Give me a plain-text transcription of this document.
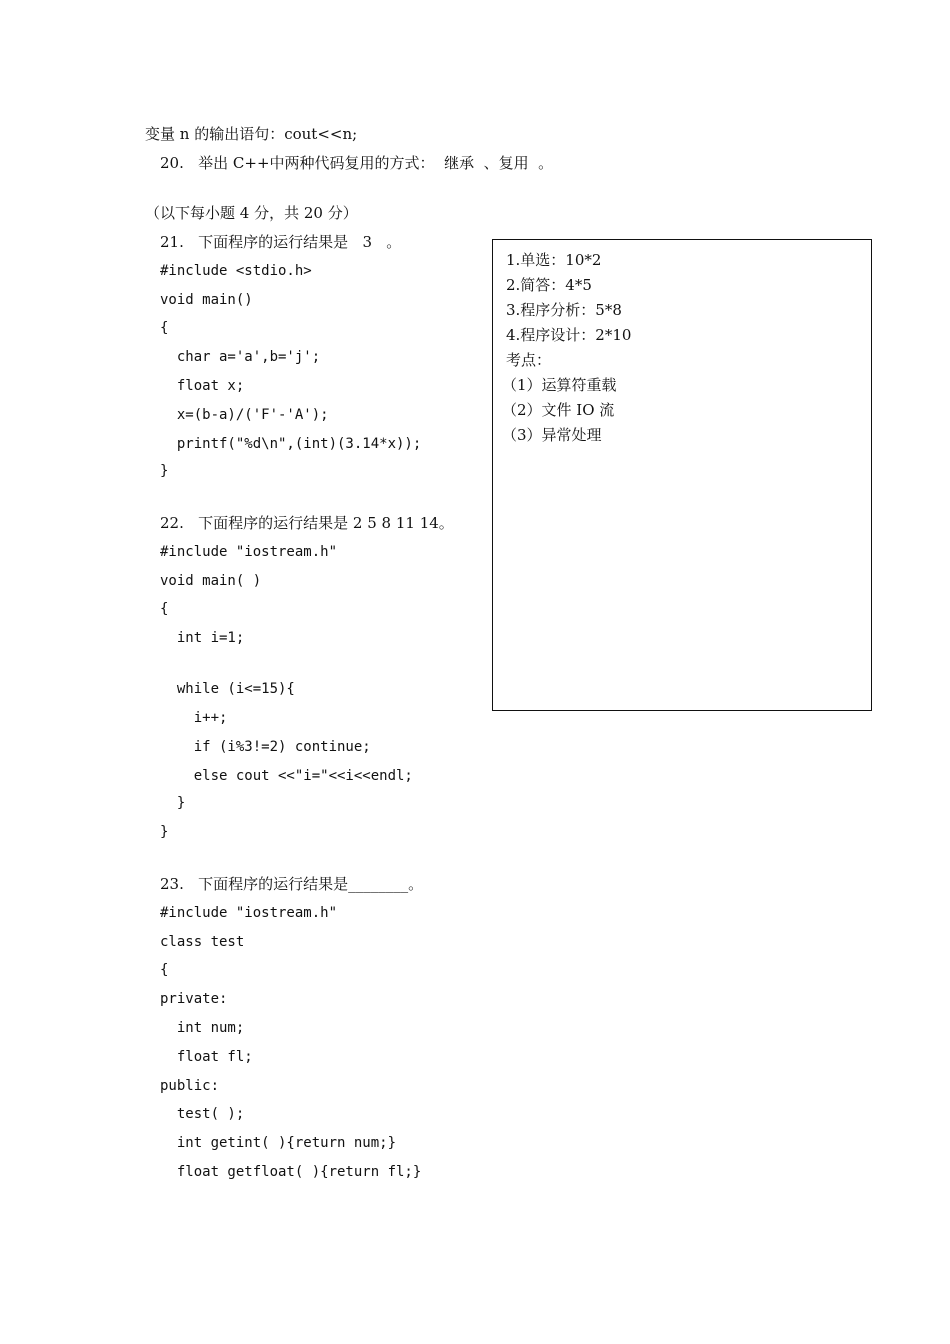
变量 n 的输出语句：cout<<n;
20.   举出 C++中两种代码复用的方式：  继承  、复用  。
（以下每小题 4 分，共 20 分）
21.   下面程序的运行结果是   3   。
#include <stdio.h>
void main()
{
char a='a',b='j';
float x;
x=(b-a)/('F'-'A');
printf("%d\n",(int)(3.14*x));
}
22.   下面程序的运行结果是 2 5 8 11 14。
#include "iostream.h"
void main( )
{
int i=1;
while (i<=15){
i++;
if (i%3!=2) continue;
else cout <<"i="<<i<<endl;
}
}
23.   下面程序的运行结果是________。
#include "iostream.h"
class test
{
private:
int num;
float fl;
public:
test( );
int getint( ){return num;}
float getfloat( ){return fl;}
1.单选：10*2
2.简答：4*5
3.程序分析：5*8
4.程序设计：2*10
考点：
（1）运算符重载
（2）文件 IO 流
（3）异常处理
